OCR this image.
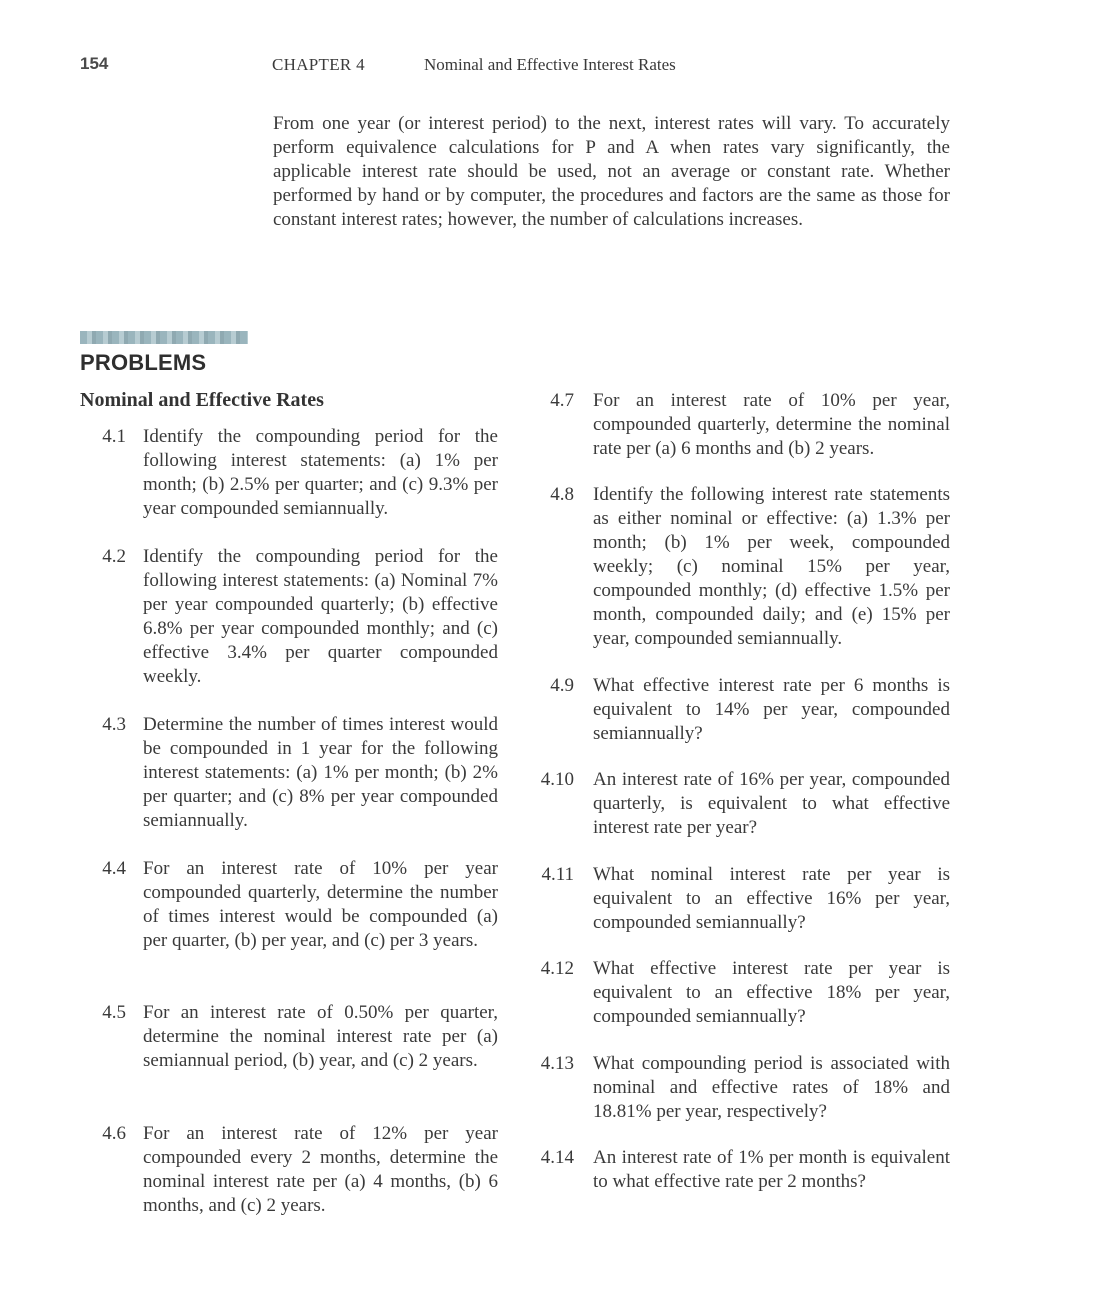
154	CHAPTER 4	Nominal and Effective Interest Rates

From one year (or interest period) to the next, interest rates will vary. To accurately perform equivalence calculations for P and A when rates vary significantly, the applicable interest rate should be used, not an average or constant rate. Whether performed by hand or by computer, the procedures and factors are the same as those for constant interest rates; however, the number of calculations increases.

PROBLEMS
Nominal and Effective Rates
4.1 Identify the compounding period for the following interest statements: (a) 1% per month; (b) 2.5% per quarter; and (c) 9.3% per year compounded semiannually.
4.2 Identify the compounding period for the following interest statements: (a) Nominal 7% per year compounded quarterly; (b) effective 6.8% per year compounded monthly; and (c) effective 3.4% per quarter compounded weekly.
4.3 Determine the number of times interest would be compounded in 1 year for the following interest statements: (a) 1% per month; (b) 2% per quarter; and (c) 8% per year compounded semiannually.
4.4 For an interest rate of 10% per year compounded quarterly, determine the number of times interest would be compounded (a) per quarter, (b) per year, and (c) per 3 years.
4.5 For an interest rate of 0.50% per quarter, determine the nominal interest rate per (a) semiannual period, (b) year, and (c) 2 years.
4.6 For an interest rate of 12% per year compounded every 2 months, determine the nominal interest rate per (a) 4 months, (b) 6 months, and (c) 2 years.
4.7 For an interest rate of 10% per year, compounded quarterly, determine the nominal rate per (a) 6 months and (b) 2 years.
4.8 Identify the following interest rate statements as either nominal or effective: (a) 1.3% per month; (b) 1% per week, compounded weekly; (c) nominal 15% per year, compounded monthly; (d) effective 1.5% per month, compounded daily; and (e) 15% per year, compounded semiannually.
4.9 What effective interest rate per 6 months is equivalent to 14% per year, compounded semiannually?
4.10 An interest rate of 16% per year, compounded quarterly, is equivalent to what effective interest rate per year?
4.11 What nominal interest rate per year is equivalent to an effective 16% per year, compounded semiannually?
4.12 What effective interest rate per year is equivalent to an effective 18% per year, compounded semiannually?
4.13 What compounding period is associated with nominal and effective rates of 18% and 18.81% per year, respectively?
4.14 An interest rate of 1% per month is equivalent to what effective rate per 2 months?
